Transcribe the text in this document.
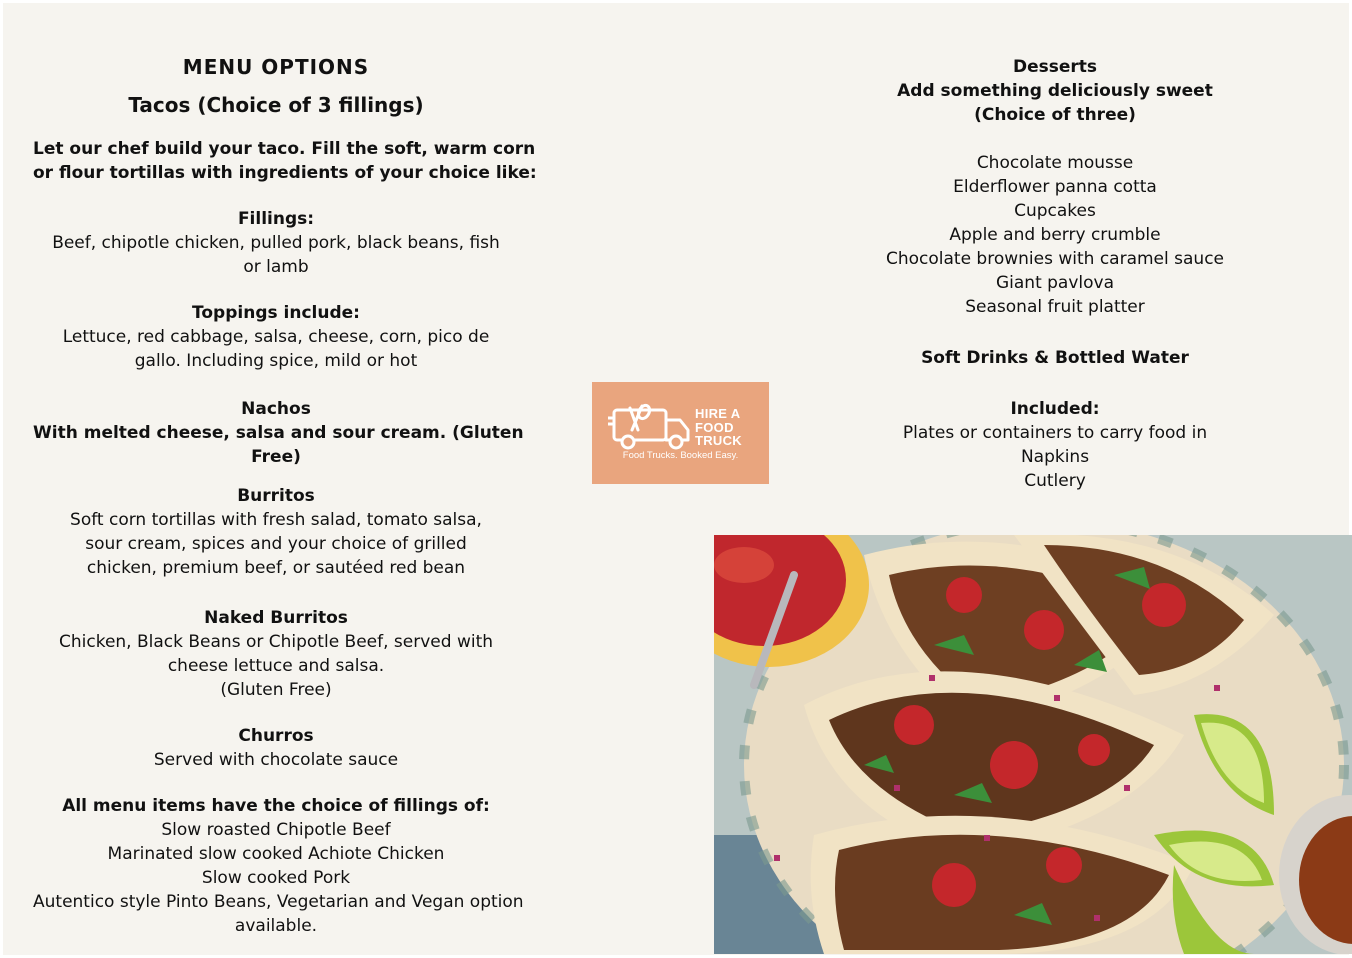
MENU OPTIONS
Tacos (Choice of 3 fillings)
Let our chef build your taco. Fill the soft, warm corn
or flour tortillas with ingredients of your choice like:
Fillings:
Beef, chipotle chicken, pulled pork, black beans, fish
or lamb
Toppings include:
Lettuce, red cabbage, salsa, cheese, corn, pico de
gallo. Including spice, mild or hot
Nachos
With melted cheese, salsa and sour cream. (Gluten
Free)
Burritos
Soft corn tortillas with fresh salad, tomato salsa,
sour cream, spices and your choice of grilled
chicken, premium beef, or sautéed red bean
Naked Burritos
Chicken, Black Beans or Chipotle Beef, served with
cheese lettuce and salsa.
(Gluten Free)
Churros
Served with chocolate sauce
All menu items have the choice of fillings of:
Slow roasted Chipotle Beef
Marinated slow cooked Achiote Chicken
Slow cooked Pork
Autentico style Pinto Beans, Vegetarian and Vegan option
available.
Desserts
Add something deliciously sweet
(Choice of three)
Chocolate mousse
Elderflower panna cotta
Cupcakes
Apple and berry crumble
Chocolate brownies with caramel sauce
Giant pavlova
Seasonal fruit platter
Soft Drinks & Bottled Water
Included:
Plates or containers to carry food in
Napkins
Cutlery
HIRE A
FOOD
TRUCK
Food Trucks. Booked Easy.
